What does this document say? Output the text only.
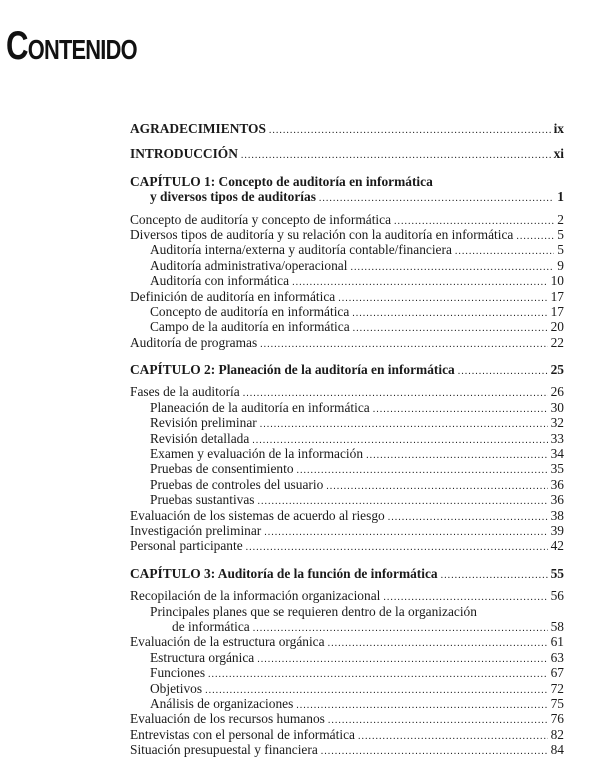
Contenido
AGRADECIMIENTOS .....	ix
INTRODUCCIÓN .....	xi
CAPÍTULO 1: Concepto de auditoría en informática
y diversos tipos de auditorías .....	1
Concepto de auditoría y concepto de informática .....	2
Diversos tipos de auditoría y su relación con la auditoría en informática .....	5
Auditoría interna/externa y auditoría contable/financiera .....	5
Auditoría administrativa/operacional .....	9
Auditoría con informática .....	10
Definición de auditoría en informática .....	17
Concepto de auditoría en informática .....	17
Campo de la auditoría en informática .....	20
Auditoría de programas .....	22
CAPÍTULO 2: Planeación de la auditoría en informática .....	25
Fases de la auditoría .....	26
Planeación de la auditoría en informática .....	30
Revisión preliminar .....	32
Revisión detallada .....	33
Examen y evaluación de la información .....	34
Pruebas de consentimiento .....	35
Pruebas de controles del usuario .....	36
Pruebas sustantivas .....	36
Evaluación de los sistemas de acuerdo al riesgo .....	38
Investigación preliminar .....	39
Personal participante .....	42
CAPÍTULO 3: Auditoría de la función de informática .....	55
Recopilación de la información organizacional .....	56
Principales planes que se requieren dentro de la organización
de informática .....	58
Evaluación de la estructura orgánica .....	61
Estructura orgánica .....	63
Funciones .....	67
Objetivos .....	72
Análisis de organizaciones .....	75
Evaluación de los recursos humanos .....	76
Entrevistas con el personal de informática .....	82
Situación presupuestal y financiera .....	84
